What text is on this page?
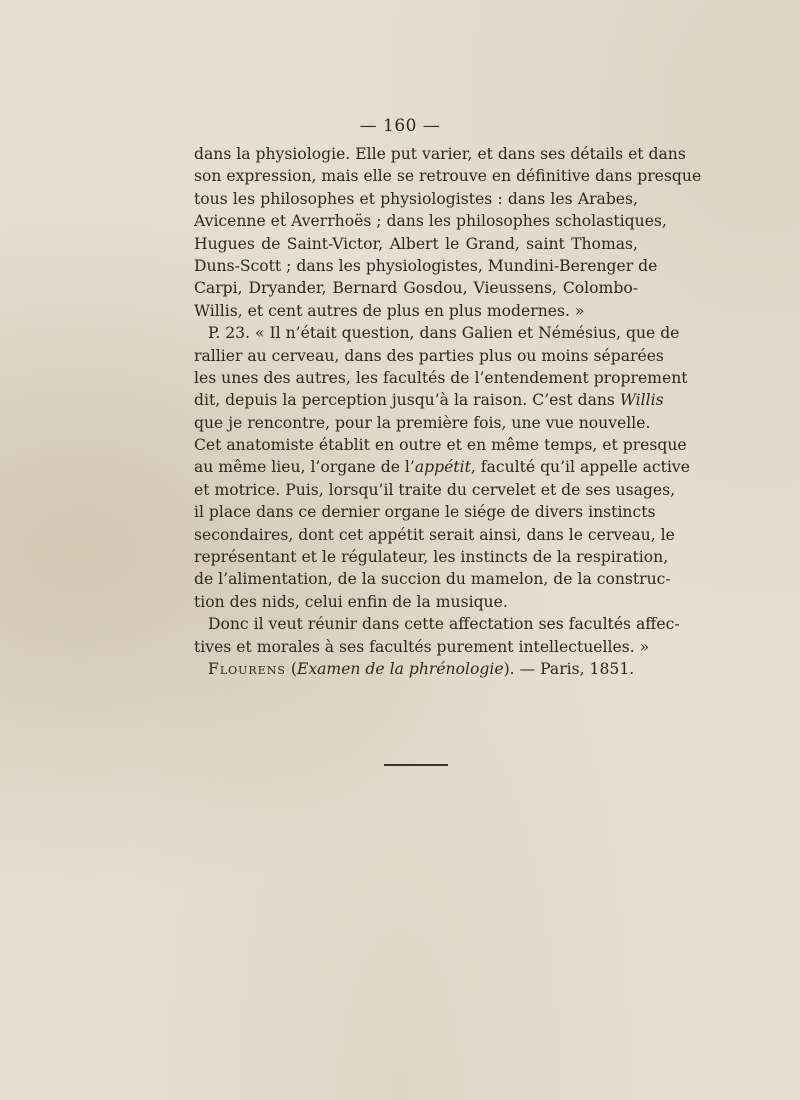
— 160 —
dans la physiologie. Elle put varier, et dans ses détails et dans
son expression, mais elle se retrouve en définitive dans presque
tous les philosophes et physiologistes : dans les Arabes,
Avicenne et Averrhoës ; dans les philosophes scholastiques,
Hugues de Saint-Victor, Albert le Grand, saint Thomas,
Duns-Scott ; dans les physiologistes, Mundini-Berenger de
Carpi, Dryander, Bernard Gosdou, Vieussens, Colombo-
Willis, et cent autres de plus en plus modernes. »
P. 23. « Il n’était question, dans Galien et Némésius, que de
rallier au cerveau, dans des parties plus ou moins séparées
les unes des autres, les facultés de l’entendement proprement
dit, depuis la perception jusqu’à la raison. C’est dans Willis
que je rencontre, pour la première fois, une vue nouvelle.
Cet anatomiste établit en outre et en même temps, et presque
au même lieu, l’organe de l’appétit, faculté qu’il appelle active
et motrice. Puis, lorsqu’il traite du cervelet et de ses usages,
il place dans ce dernier organe le siége de divers instincts
secondaires, dont cet appétit serait ainsi, dans le cerveau, le
représentant et le régulateur, les instincts de la respiration,
de l’alimentation, de la succion du mamelon, de la construc-
tion des nids, celui enfin de la musique.
Donc il veut réunir dans cette affectation ses facultés affec-
tives et morales à ses facultés purement intellectuelles. »
Flourens (Examen de la phrénologie). — Paris, 1851.
